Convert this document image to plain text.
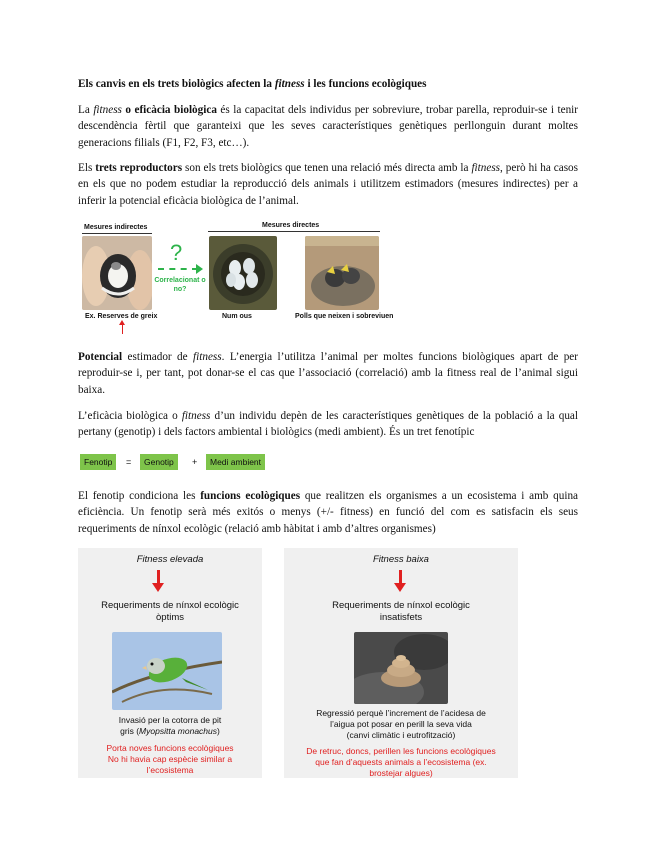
Els canvis en els trets biològics afecten la fitness i les funcions ecològiques
La fitness o eficàcia biològica és la capacitat dels individus per sobreviure, trobar parella, reproduir-se i tenir descendència fèrtil que garanteixi que les seves característiques genètiques perllonguin durant moltes generacions filials (F1, F2, F3, etc…).
Els trets reproductors son els trets biològics que tenen una relació més directa amb la fitness, però hi ha casos en els que no podem estudiar la reproducció dels animals i utilitzem estimadors (mesures indirectes) per a inferir la potencial eficàcia biològica de l’animal.
Mesures indirectes	Mesures directes
?
Correlacionat o no?
Ex. Reserves de greix	Num ous	Polls que neixen i sobreviuen
Potencial estimador de fitness. L’energia l’utilitza l’animal per moltes funcions biològiques apart de per reproduir-se i, per tant, pot donar-se el cas que l’associació (correlació) amb la fitness real de l’animal sigui baixa.
L’eficàcia biològica o fitness d’un individu depèn de les característiques genètiques de la població a la qual pertany (genotip) i dels factors ambiental i biològics (medi ambient). És un tret fenotípic
Fenotip	=	Genotip	+	Medi ambient
El fenotip condiciona les funcions ecològiques que realitzen els organismes a un ecosistema i amb quina eficiència. Un fenotip serà més exitós o menys (+/- fitness) en funció del com es satisfacin els seus requeriments de nínxol ecològic (relació amb hàbitat i amb d’altres organismes)
Fitness elevada
Requeriments de nínxol ecològic
òptims
Invasió per la cotorra de pit
gris (Myopsitta monachus)
Porta noves funcions ecològiques
No hi havia cap espècie similar a
l’ecosistema
Fitness baixa
Requeriments de nínxol ecològic
insatisfets
Regressió perquè l’increment de l’acidesa de
l’aigua pot posar en perill la seva vida
(canvi climàtic i eutrofització)
De retruc, doncs, perillen les funcions ecològiques
que fan d’aquests animals a l’ecosistema (ex.
brostejar algues)
